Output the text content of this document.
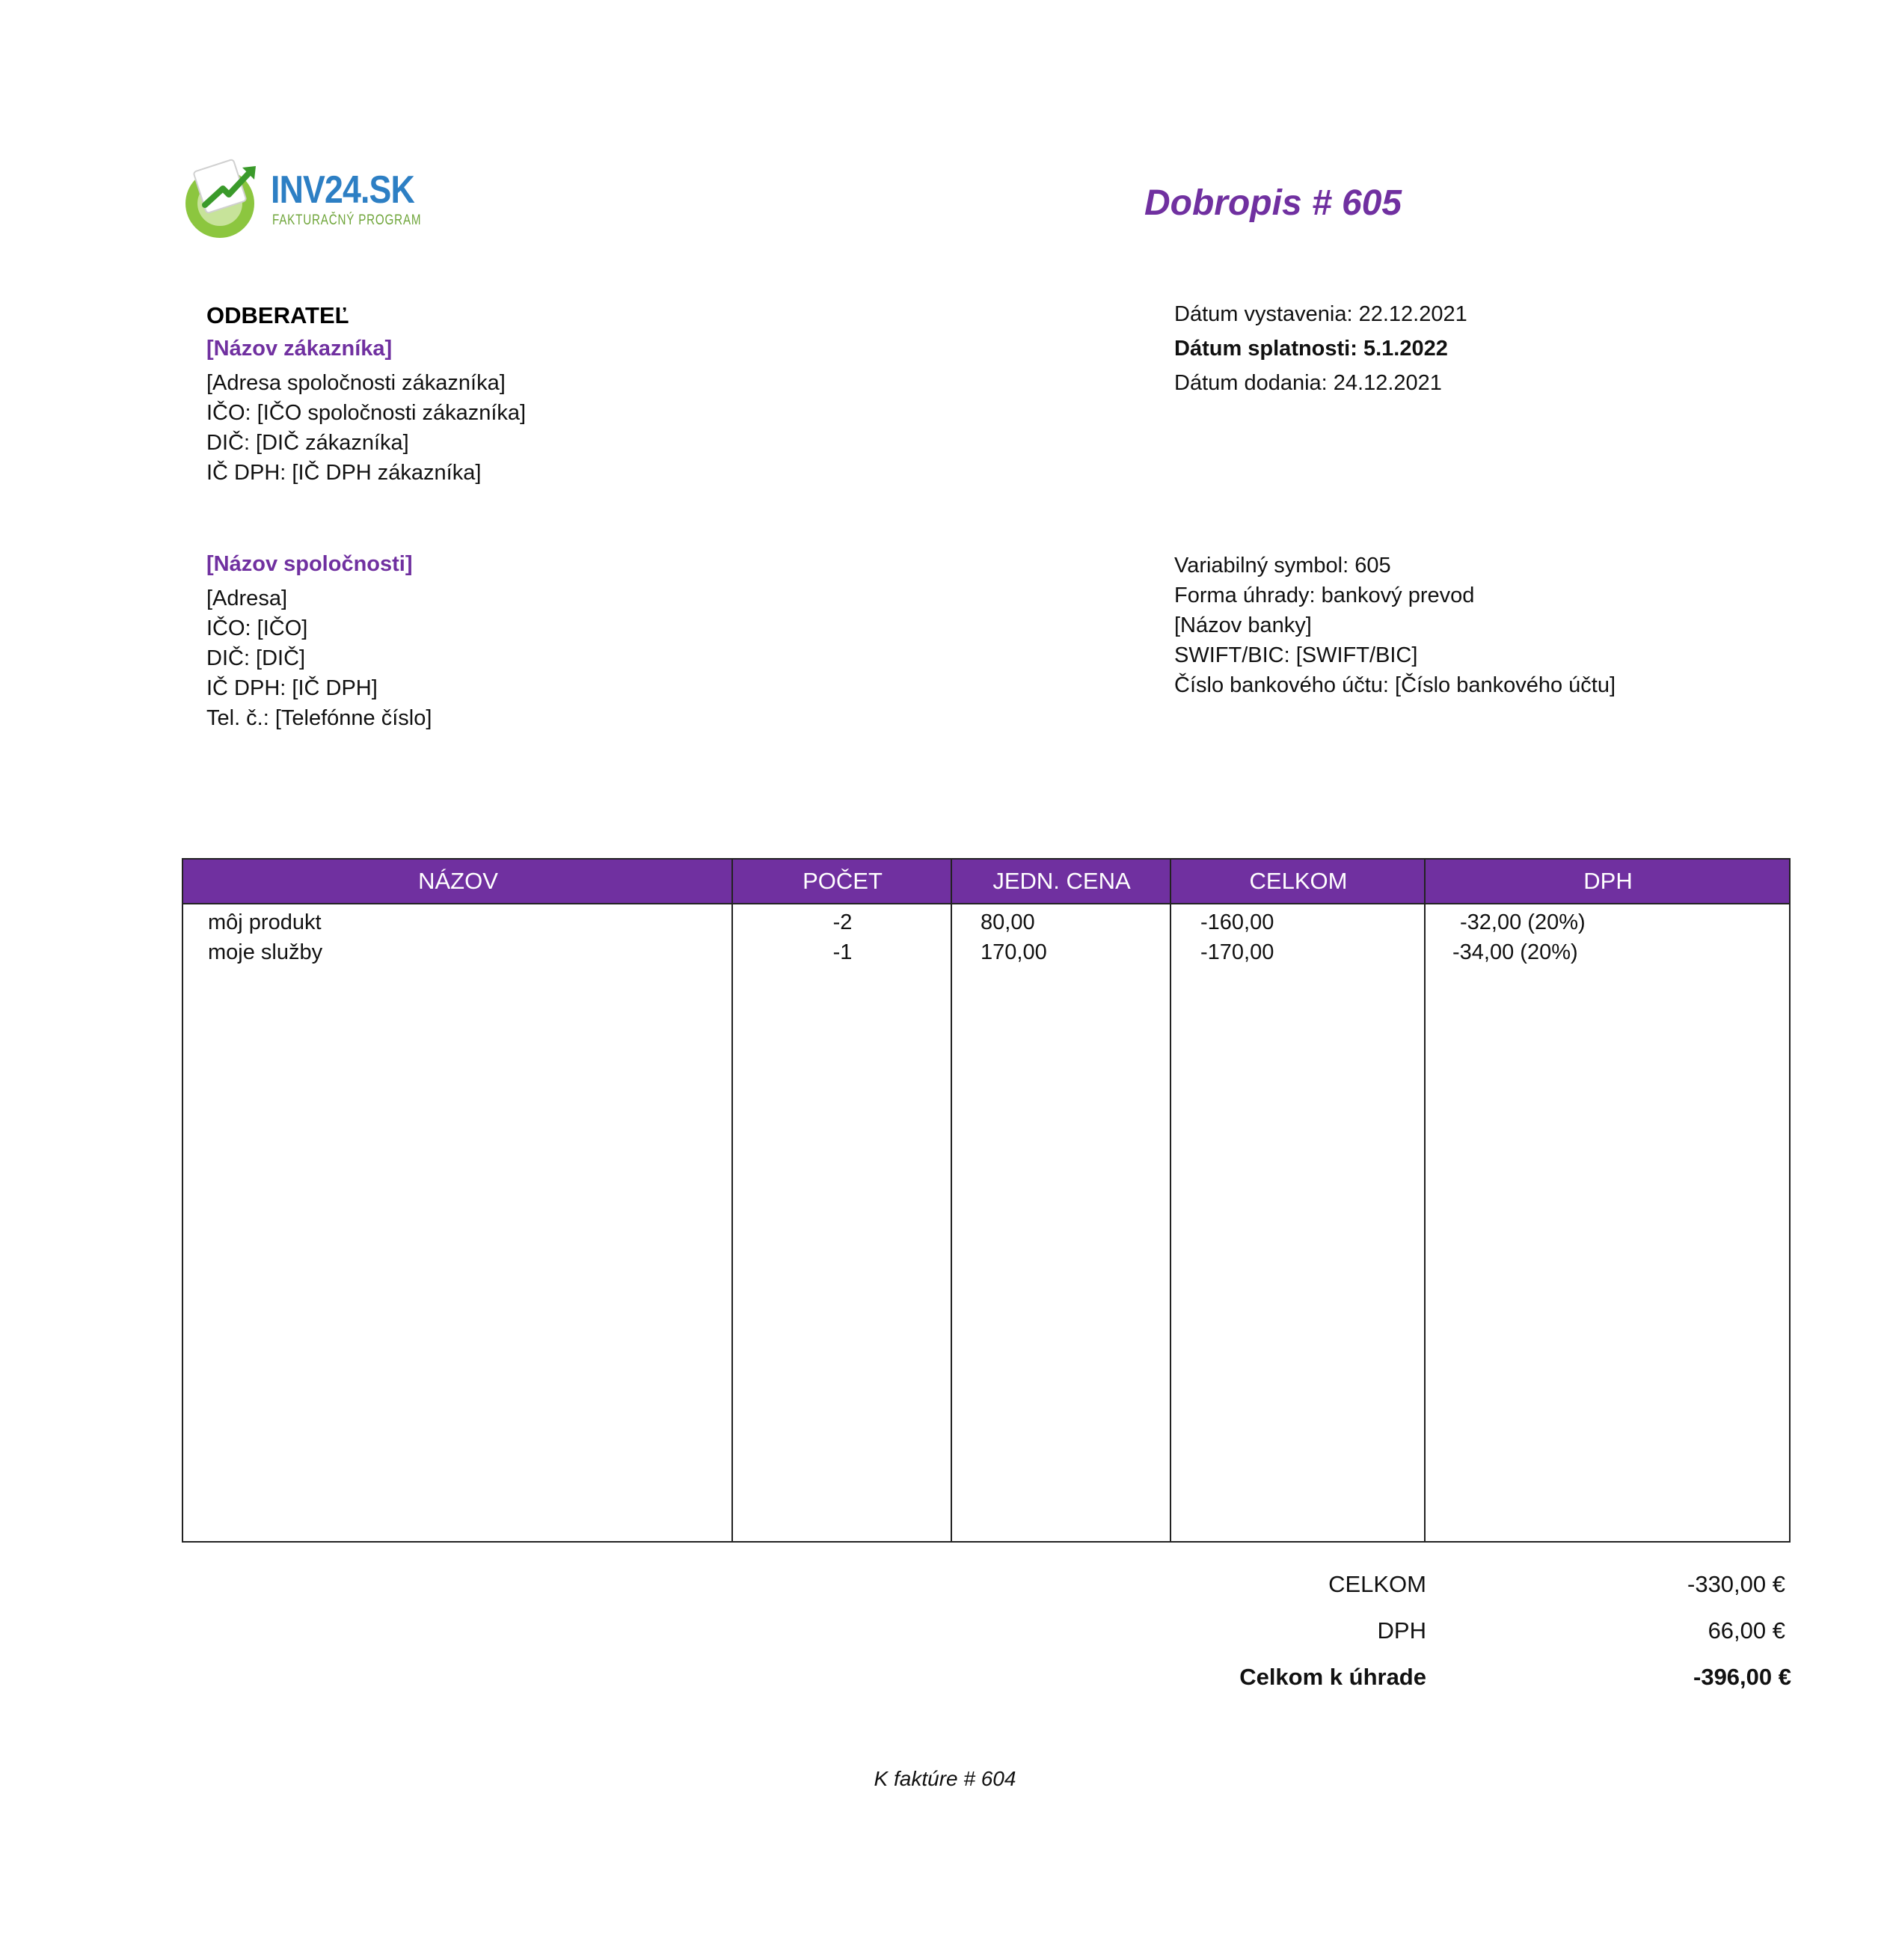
INV24.SK
FAKTURAČNÝ PROGRAM	Dobropis # 605
ODBERATEĽ
[Názov zákazníka]
[Adresa spoločnosti zákazníka]
IČO: [IČO spoločnosti zákazníka]
DIČ: [DIČ zákazníka]
IČ DPH: [IČ DPH zákazníka]
Dátum vystavenia: 22.12.2021
Dátum splatnosti: 5.1.2022
Dátum dodania: 24.12.2021
[Názov spoločnosti]
[Adresa]
IČO: [IČO]
DIČ: [DIČ]
IČ DPH: [IČ DPH]
Tel. č.: [Telefónne číslo]
Variabilný symbol: 605
Forma úhrady: bankový prevod
[Názov banky]
SWIFT/BIC: [SWIFT/BIC]
Číslo bankového účtu: [Číslo bankového účtu]
NÁZOV	POČET	JEDN. CENA	CELKOM	DPH
môj produkt	-2	80,00	-160,00	-32,00 (20%)
moje služby	-1	170,00	-170,00	-34,00 (20%)
CELKOM	-330,00 €
DPH	66,00 €
Celkom k úhrade	-396,00 €
K faktúre # 604
